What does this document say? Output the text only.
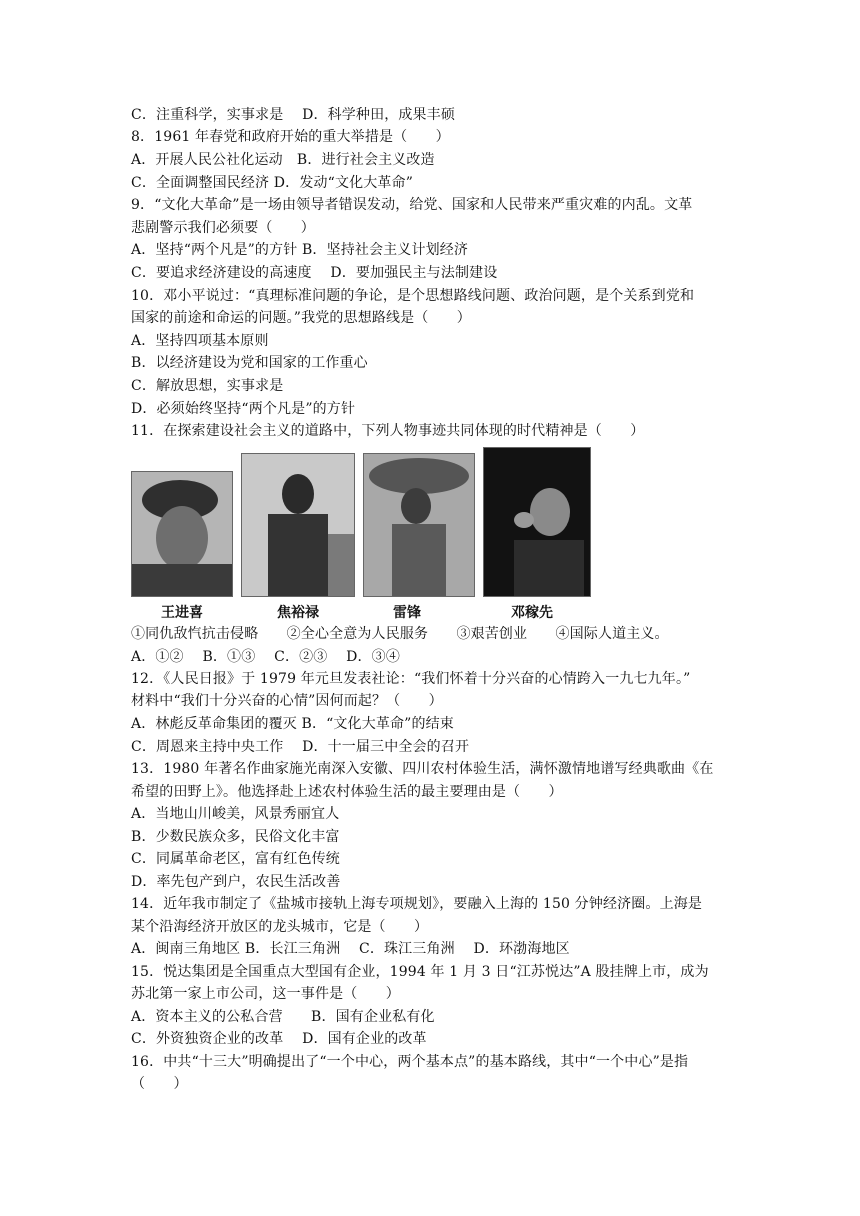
C．注重科学，实事求是　 D．科学种田，成果丰硕
8．1961 年春党和政府开始的重大举措是（　　）
A．开展人民公社化运动　B．进行社会主义改造
C．全面调整国民经济 D．发动“文化大革命”
9．“文化大革命”是一场由领导者错误发动，给党、国家和人民带来严重灾难的内乱。文革
悲剧警示我们必须要（　　）
A．坚持“两个凡是”的方针 B．坚持社会主义计划经济
C．要追求经济建设的高速度　 D．要加强民主与法制建设
10．邓小平说过：“真理标准问题的争论，是个思想路线问题、政治问题，是个关系到党和
国家的前途和命运的问题。”我党的思想路线是（　　）
A．坚持四项基本原则
B．以经济建设为党和国家的工作重心
C．解放思想，实事求是
D．必须始终坚持“两个凡是”的方针
11．在探索建设社会主义的道路中，下列人物事迹共同体现的时代精神是（　　）
王进喜	焦裕禄	雷锋	邓稼先
①同仇敌忾抗击侵略　　②全心全意为人民服务　　③艰苦创业　　④国际人道主义。
A．①②　 B．①③　 C．②③　 D．③④
12．《人民日报》于 1979 年元旦发表社论：“我们怀着十分兴奋的心情跨入一九七九年。”
材料中“我们十分兴奋的心情”因何而起？（　　）
A．林彪反革命集团的覆灭 B．“文化大革命”的结束
C．周恩来主持中央工作　 D．十一届三中全会的召开
13．1980 年著名作曲家施光南深入安徽、四川农村体验生活，满怀激情地谱写经典歌曲《在
希望的田野上》。他选择赴上述农村体验生活的最主要理由是（　　）
A．当地山川峻美，风景秀丽宜人
B．少数民族众多，民俗文化丰富
C．同属革命老区，富有红色传统
D．率先包产到户，农民生活改善
14．近年我市制定了《盐城市接轨上海专项规划》，要融入上海的 150 分钟经济圈。上海是
某个沿海经济开放区的龙头城市，它是（　　）
A．闽南三角地区 B．长江三角洲　 C．珠江三角洲　 D．环渤海地区
15．悦达集团是全国重点大型国有企业，1994 年 1 月 3 日“江苏悦达”A 股挂牌上市，成为
苏北第一家上市公司，这一事件是（　　）
A．资本主义的公私合营　　B．国有企业私有化
C．外资独资企业的改革　 D．国有企业的改革
16．中共“十三大”明确提出了“一个中心，两个基本点”的基本路线，其中“一个中心”是指
（　　）
